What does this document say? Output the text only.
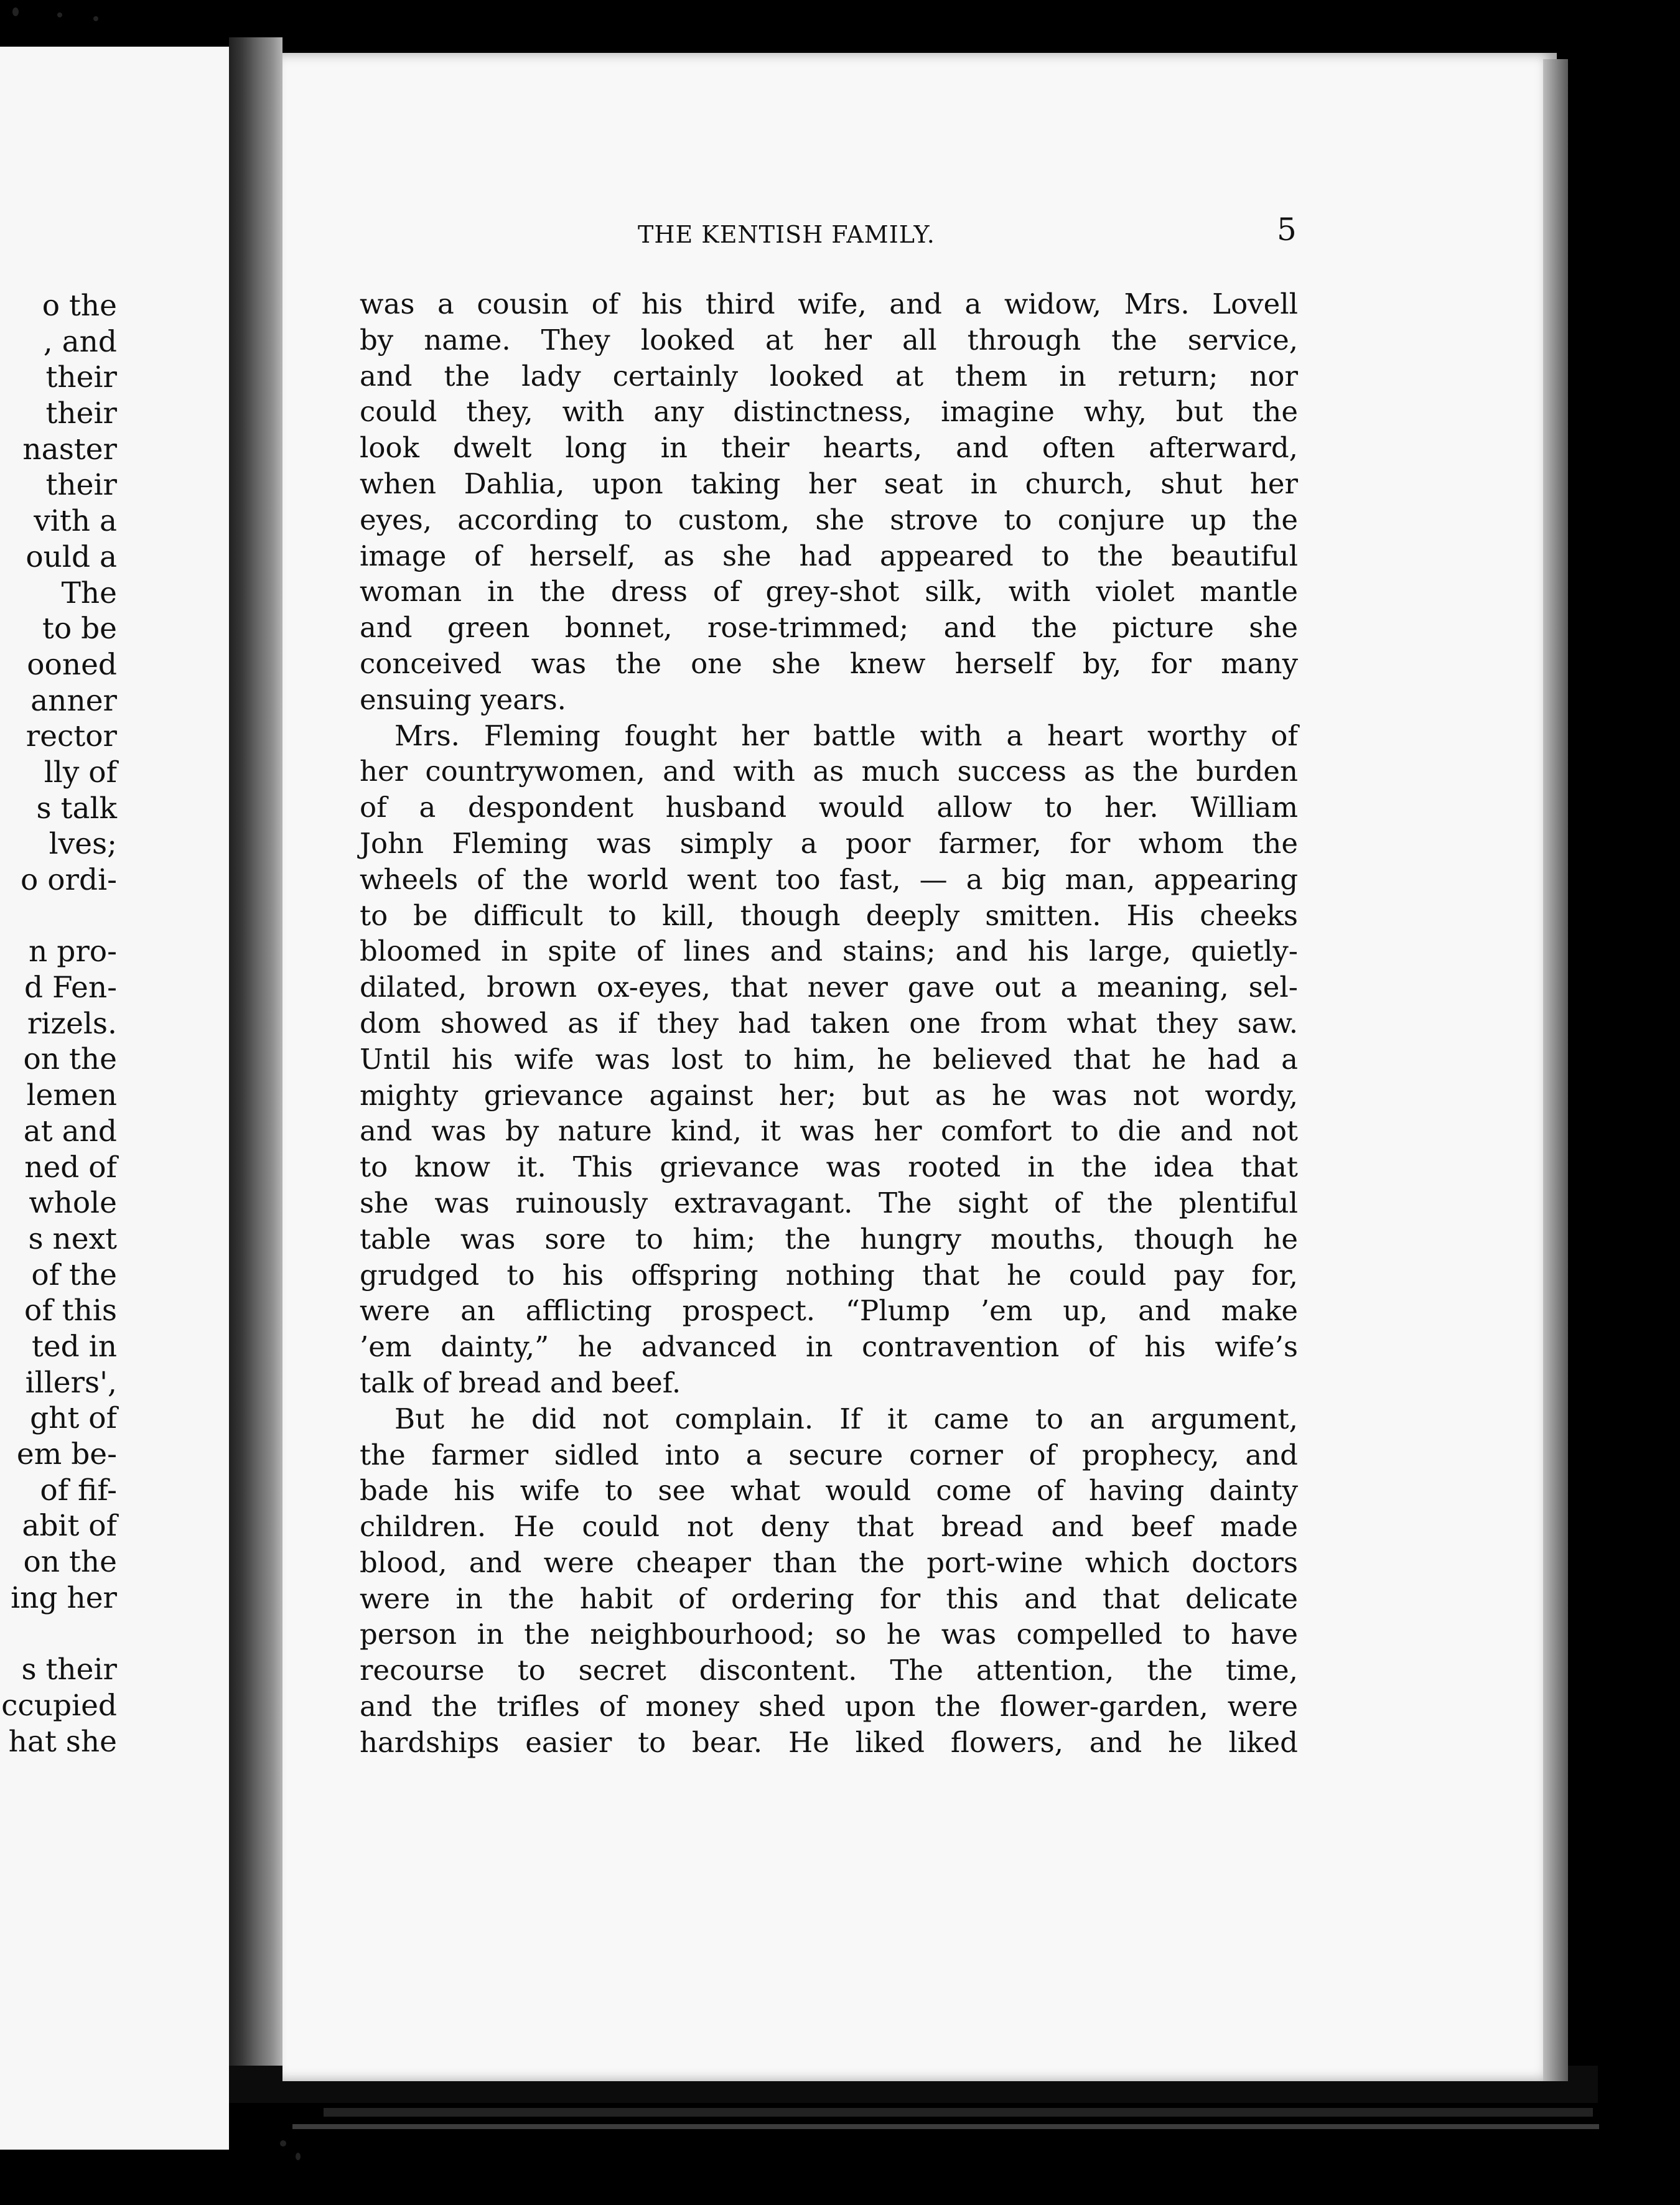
o the
, and
their
their
naster
their
vith a
ould a
The
to be
ooned
anner
rector
lly of
s talk
lves;
o ordi-
n pro-
d Fen-
rizels.
on the
lemen
at and
ned of
whole
s next
of the
of this
ted in
illers',
ght of
em be-
of fif-
abit of
on the
ing her
s their
ccupied
hat she
THE KENTISH FAMILY.	5
was a cousin of his third wife, and a widow, Mrs. Lovell
by name. They looked at her all through the service,
and the lady certainly looked at them in return; nor
could they, with any distinctness, imagine why, but the
look dwelt long in their hearts, and often afterward,
when Dahlia, upon taking her seat in church, shut her
eyes, according to custom, she strove to conjure up the
image of herself, as she had appeared to the beautiful
woman in the dress of grey-shot silk, with violet mantle
and green bonnet, rose-trimmed; and the picture she
conceived was the one she knew herself by, for many
ensuing years.
Mrs. Fleming fought her battle with a heart worthy of
her countrywomen, and with as much success as the burden
of a despondent husband would allow to her. William
John Fleming was simply a poor farmer, for whom the
wheels of the world went too fast, — a big man, appearing
to be difficult to kill, though deeply smitten. His cheeks
bloomed in spite of lines and stains; and his large, quietly-
dilated, brown ox-eyes, that never gave out a meaning, sel-
dom showed as if they had taken one from what they saw.
Until his wife was lost to him, he believed that he had a
mighty grievance against her; but as he was not wordy,
and was by nature kind, it was her comfort to die and not
to know it. This grievance was rooted in the idea that
she was ruinously extravagant. The sight of the plentiful
table was sore to him; the hungry mouths, though he
grudged to his offspring nothing that he could pay for,
were an afflicting prospect. “Plump ’em up, and make
’em dainty,” he advanced in contravention of his wife’s
talk of bread and beef.
But he did not complain. If it came to an argument,
the farmer sidled into a secure corner of prophecy, and
bade his wife to see what would come of having dainty
children. He could not deny that bread and beef made
blood, and were cheaper than the port-wine which doctors
were in the habit of ordering for this and that delicate
person in the neighbourhood; so he was compelled to have
recourse to secret discontent. The attention, the time,
and the trifles of money shed upon the flower-garden, were
hardships easier to bear. He liked flowers, and he liked
